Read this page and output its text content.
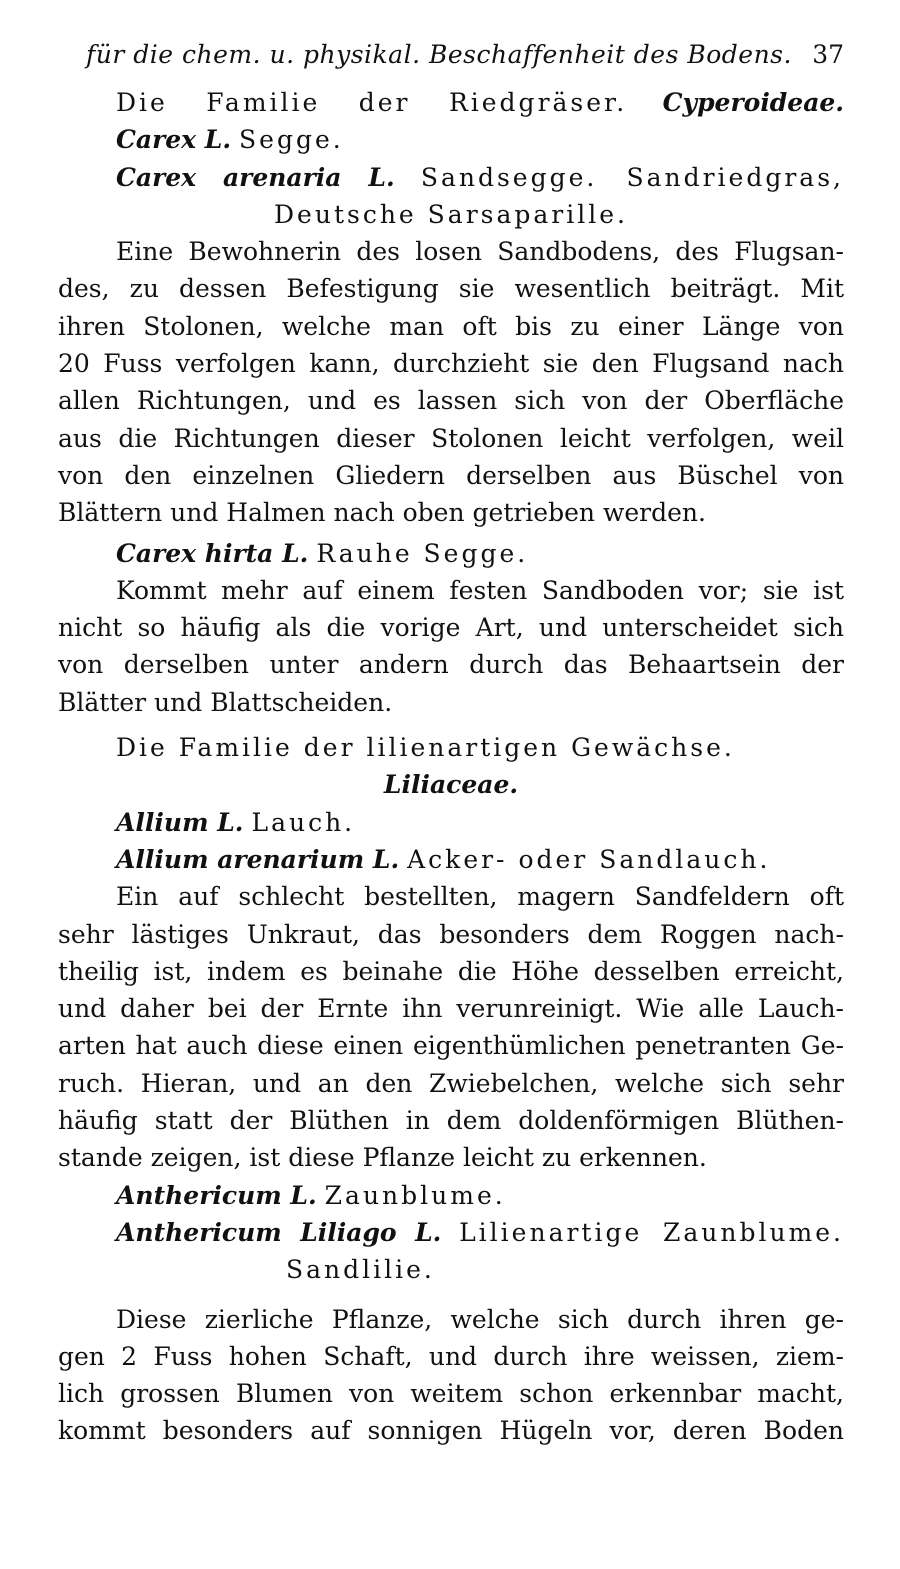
für die chem. u. physikal. Beschaffenheit des Bodens. 37
Die Familie der Riedgräser. Cyperoideae.
Carex L. Segge.
Carex arenaria L. Sandsegge. Sandriedgras,
Deutsche Sarsaparille.
Eine Bewohnerin des losen Sandbodens, des Flugsan-
des, zu dessen Befestigung sie wesentlich beiträgt. Mit
ihren Stolonen, welche man oft bis zu einer Länge von
20 Fuss verfolgen kann, durchzieht sie den Flugsand nach
allen Richtungen, und es lassen sich von der Oberfläche
aus die Richtungen dieser Stolonen leicht verfolgen, weil
von den einzelnen Gliedern derselben aus Büschel von
Blättern und Halmen nach oben getrieben werden.
Carex hirta L. Rauhe Segge.
Kommt mehr auf einem festen Sandboden vor; sie ist
nicht so häufig als die vorige Art, und unterscheidet sich
von derselben unter andern durch das Behaartsein der
Blätter und Blattscheiden.
Die Familie der lilienartigen Gewächse.
Liliaceae.
Allium L. Lauch.
Allium arenarium L. Acker- oder Sandlauch.
Ein auf schlecht bestellten, magern Sandfeldern oft
sehr lästiges Unkraut, das besonders dem Roggen nach-
theilig ist, indem es beinahe die Höhe desselben erreicht,
und daher bei der Ernte ihn verunreinigt. Wie alle Lauch-
arten hat auch diese einen eigenthümlichen penetranten Ge-
ruch. Hieran, und an den Zwiebelchen, welche sich sehr
häufig statt der Blüthen in dem doldenförmigen Blüthen-
stande zeigen, ist diese Pflanze leicht zu erkennen.
Anthericum L. Zaunblume.
Anthericum Liliago L. Lilienartige Zaunblume.
Sandlilie.
Diese zierliche Pflanze, welche sich durch ihren ge-
gen 2 Fuss hohen Schaft, und durch ihre weissen, ziem-
lich grossen Blumen von weitem schon erkennbar macht,
kommt besonders auf sonnigen Hügeln vor, deren Boden
